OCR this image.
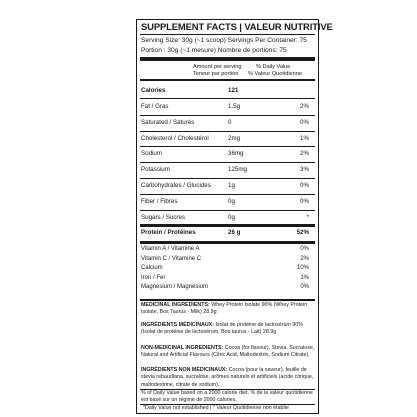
SUPPLEMENT FACTS | VALEUR NUTRITIVE
Serving Size: 30g (~1 scoop) Servings Per Container: 75
Portion : 30g (~1 mesure) Nombre de portions: 75
Amount per serving
Teneur par portion
% Daily Value
% Valeur Quotidienne
Calories	121
Fat / Gras	1.5g	2%
Saturated / Saturés	0	0%
Cholesterol / Cholestérol	2mg	1%
Sodium	36mg	2%
Potassium	125mg	3%
Carbohydrates / Glucides	1g	0%
Fiber / Fibres	0g	0%
Sugars / Sucres	0g	*
Protein / Protéines	26 g	52%
Vitamin A / Vitamine A	0%
Vitamin C / Vitamine C	2%
Calcium	10%
Iron / Fer	1%
Magnesium / Magnésium	0%
MEDICINAL INGREDIENTS: Whey Protein Isolate 90% (Whey Protein Isolate, Bos Taurus - Milk) 28.9g
INGRÉDIENTS MÉDICINAUX: Isolat de protéine de lactosérum 90% (Isolat de protéine de lactosérum, Bos taurus - Lait) 28.9g
NON-MEDICINAL INGREDIENTS: Cocoa (for flavour), Stevia, Sucralose, Natural and Artificial Flavours (Citric Acid, Maltodextrin, Sodium Citrate).
INGRÉDIENTS NON MÉDICINAUX: Cocoa (pour la saveur), feuille de stevia rebaudiana, sucralose, arômes naturels et artificiels (acide citrique, maltodextrine, citrate de sodium).
% of Daily Value based on a 2000 calorie diet. % de la valeur quotidienne est basé sur un régime de 2000 calories.
*Daily Value not established | * Valeur Quotidienne non établie
